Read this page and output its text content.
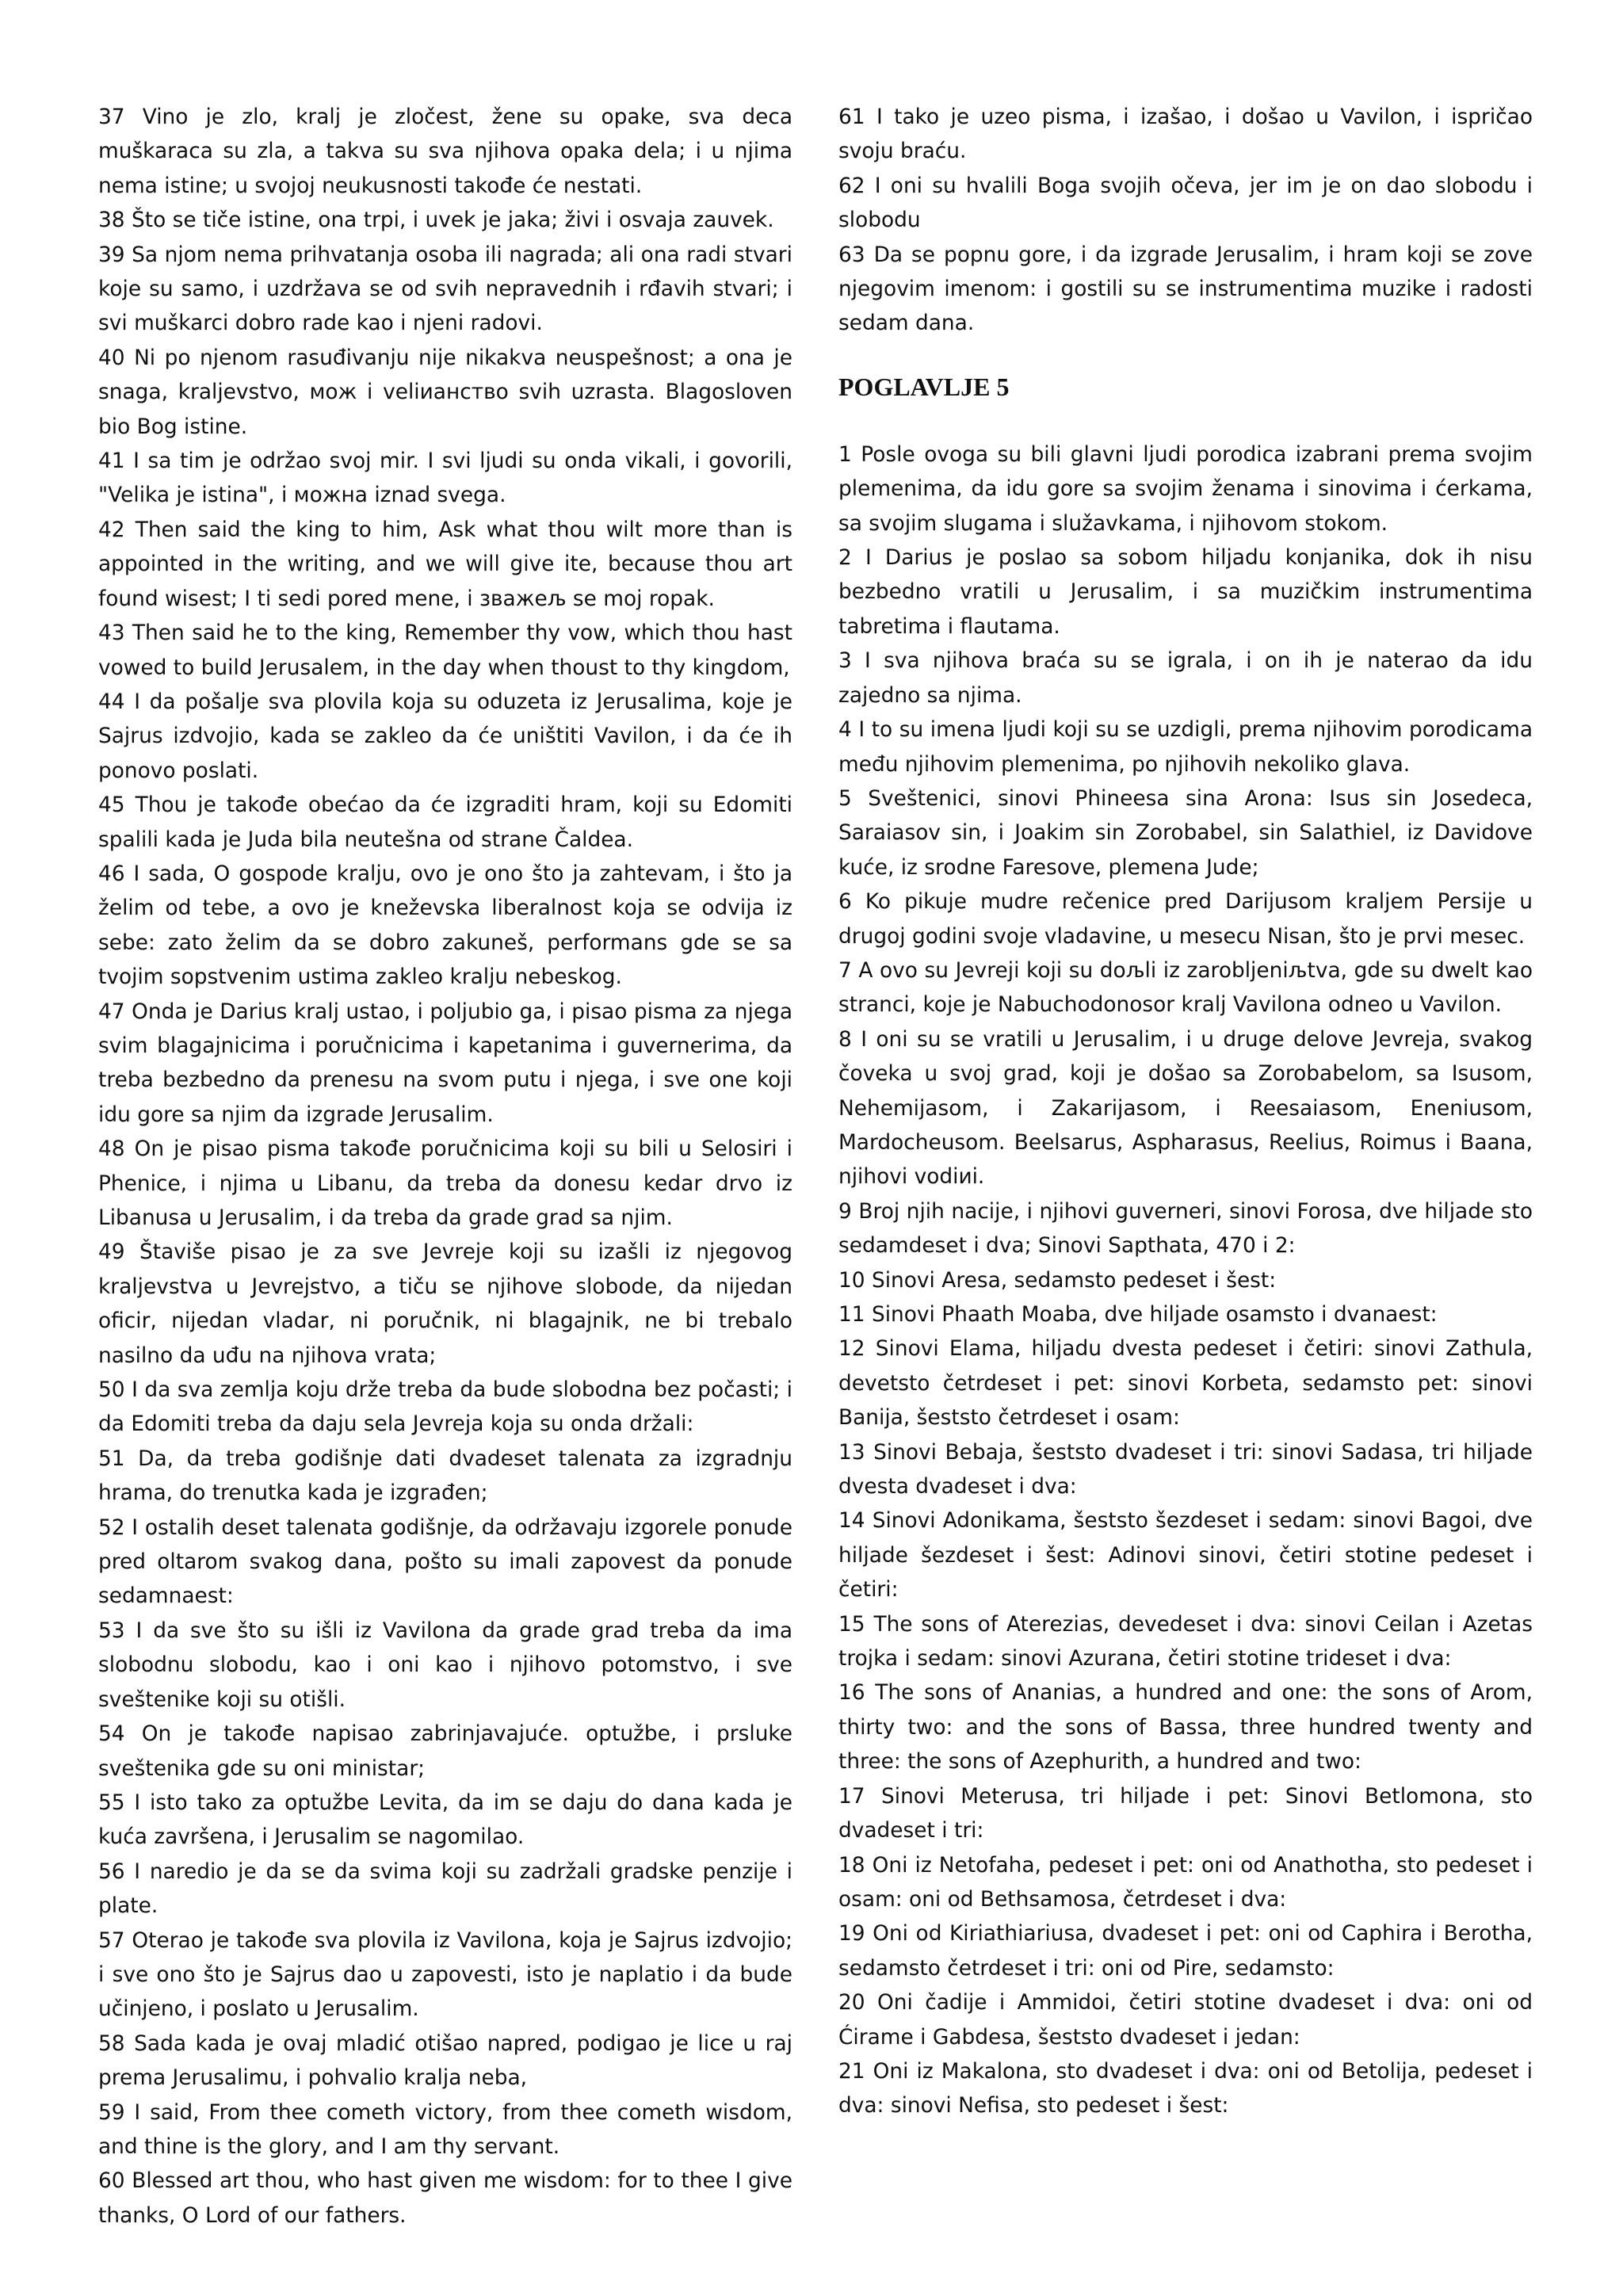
37 Vino je zlo, kralj je zločest, žene su opake, sva deca muškaraca su zla, a takva su sva njihova opaka dela; i u njima nema istine; u svojoj neukusnosti takođe će nestati.

38 Što se tiče istine, ona trpi, i uvek je jaka; živi i osvaja zauvek.

39 Sa njom nema prihvatanja osoba ili nagrada; ali ona radi stvari koje su samo, i uzdržava se od svih nepravednih i rđavih stvari; i svi muškarci dobro rade kao i njeni radovi.

40 Ni po njenom rasuđivanju nije nikakva neuspešnost; a ona je snaga, kraljevstvo, мож i veliианство svih uzrasta. Blagosloven bio Bog istine.

41 I sa tim je održao svoj mir. I svi ljudi su onda vikali, i govorili, "Velika je istina", i можна iznad svega.

42 Then said the king to him, Ask what thou wilt more than is appointed in the writing, and we will give ite, because thou art found wisest; I ti sedi pored mene, i зважељ se moj ropak.

43 Then said he to the king, Remember thy vow, which thou hast vowed to build Jerusalem, in the day when thoust to thy kingdom,

44 I da pošalje sva plovila koja su oduzeta iz Jerusalima, koje je Sajrus izdvojio, kada se zakleo da će uništiti Vavilon, i da će ih ponovo poslati.

45 Thou je takođe obećao da će izgraditi hram, koji su Edomiti spalili kada je Juda bila neutešna od strane Čaldea.

46 I sada, O gospode kralju, ovo je ono što ja zahtevam, i što ja želim od tebe, a ovo je kneževska liberalnost koja se odvija iz sebe: zato želim da se dobro zakuneš, performans gde se sa tvojim sopstvenim ustima zakleo kralju nebeskog.

47 Onda je Darius kralj ustao, i poljubio ga, i pisao pisma za njega svim blagajnicima i poručnicima i kapetanima i guvernerima, da treba bezbedno da prenesu na svom putu i njega, i sve one koji idu gore sa njim da izgrade Jerusalim.

48 On je pisao pisma takođe poručnicima koji su bili u Selosiri i Phenice, i njima u Libanu, da treba da donesu kedar drvo iz Libanusa u Jerusalim, i da treba da grade grad sa njim.

49 Štaviše pisao je za sve Jevreje koji su izašli iz njegovog kraljevstva u Jevrejstvo, a tiču se njihove slobode, da nijedan oficir, nijedan vladar, ni poručnik, ni blagajnik, ne bi trebalo nasilno da uđu na njihova vrata;

50 I da sva zemlja koju drže treba da bude slobodna bez počasti; i da Edomiti treba da daju sela Jevreja koja su onda držali:

51 Da, da treba godišnje dati dvadeset talenata za izgradnju hrama, do trenutka kada je izgrađen;

52 I ostalih deset talenata godišnje, da održavaju izgorele ponude pred oltarom svakog dana, pošto su imali zapovest da ponude sedamnaest:

53 I da sve što su išli iz Vavilona da grade grad treba da ima slobodnu slobodu, kao i oni kao i njihovo potomstvo, i sve sveštenike koji su otišli.

54 On je takođe napisao zabrinjavajuće. optužbe, i prsluke sveštenika gde su oni ministar;

55 I isto tako za optužbe Levita, da im se daju do dana kada je kuća završena, i Jerusalim se nagomilao.

56 I naredio je da se da svima koji su zadržali gradske penzije i plate.

57 Oterao je takođe sva plovila iz Vavilona, koja je Sajrus izdvojio; i sve ono što je Sajrus dao u zapovesti, isto je naplatio i da bude učinjeno, i poslato u Jerusalim.

58 Sada kada je ovaj mladić otišao napred, podigao je lice u raj prema Jerusalimu, i pohvalio kralja neba,

59 I said, From thee cometh victory, from thee cometh wisdom, and thine is the glory, and I am thy servant.

60 Blessed art thou, who hast given me wisdom: for to thee I give thanks, O Lord of our fathers.

61 I tako je uzeo pisma, i izašao, i došao u Vavilon, i ispričao svoju braću.

62 I oni su hvalili Boga svojih očeva, jer im je on dao slobodu i slobodu

63 Da se popnu gore, i da izgrade Jerusalim, i hram koji se zove njegovim imenom: i gostili su se instrumentima muzike i radosti sedam dana.

POGLAVLJE 5

1 Posle ovoga su bili glavni ljudi porodica izabrani prema svojim plemenima, da idu gore sa svojim ženama i sinovima i ćerkama, sa svojim slugama i služavkama, i njihovom stokom.

2 I Darius je poslao sa sobom hiljadu konjanika, dok ih nisu bezbedno vratili u Jerusalim, i sa muzičkim instrumentima tabretima i flautama.

3 I sva njihova braća su se igrala, i on ih je naterao da idu zajedno sa njima.

4 I to su imena ljudi koji su se uzdigli, prema njihovim porodicama među njihovim plemenima, po njihovih nekoliko glava.

5 Sveštenici, sinovi Phineesa sina Arona: Isus sin Josedeca, Saraiasov sin, i Joakim sin Zorobabel, sin Salathiel, iz Davidove kuće, iz srodne Faresove, plemena Jude;

6 Ko pikuje mudre rečenice pred Darijusom kraljem Persije u drugoj godini svoje vladavine, u mesecu Nisan, što je prvi mesec.

7 A ovo su Jevreji koji su doљli iz zarobljeniљtva, gde su dwelt kao stranci, koje je Nabuchodonosor kralj Vavilona odneo u Vavilon.

8 I oni su se vratili u Jerusalim, i u druge delove Jevreja, svakog čoveka u svoj grad, koji je došao sa Zorobabelom, sa Isusom, Nehemijasom, i Zakarijasom, i Reesaiasom, Eneniusom, Mardocheusom. Beelsarus, Aspharasus, Reelius, Roimus i Baana, njihovi vodiиi.

9 Broj njih nacije, i njihovi guverneri, sinovi Forosa, dve hiljade sto sedamdeset i dva; Sinovi Sapthata, 470 i 2:

10 Sinovi Aresa, sedamsto pedeset i šest:

11 Sinovi Phaath Moaba, dve hiljade osamsto i dvanaest:

12 Sinovi Elama, hiljadu dvesta pedeset i četiri: sinovi Zathula, devetsto četrdeset i pet: sinovi Korbeta, sedamsto pet: sinovi Banija, šeststo četrdeset i osam:

13 Sinovi Bebaja, šeststo dvadeset i tri: sinovi Sadasa, tri hiljade dvesta dvadeset i dva:

14 Sinovi Adonikama, šeststo šezdeset i sedam: sinovi Bagoi, dve hiljade šezdeset i šest: Adinovi sinovi, četiri stotine pedeset i četiri:

15 The sons of Aterezias, devedeset i dva: sinovi Ceilan i Azetas trojka i sedam: sinovi Azurana, četiri stotine trideset i dva:

16 The sons of Ananias, a hundred and one: the sons of Arom, thirty two: and the sons of Bassa, three hundred twenty and three: the sons of Azephurith, a hundred and two:

17 Sinovi Meterusa, tri hiljade i pet: Sinovi Betlomona, sto dvadeset i tri:

18 Oni iz Netofaha, pedeset i pet: oni od Anathotha, sto pedeset i osam: oni od Bethsamosa, četrdeset i dva:

19 Oni od Kiriathiariusa, dvadeset i pet: oni od Caphira i Berotha, sedamsto četrdeset i tri: oni od Pire, sedamsto:

20 Oni čadije i Ammidoi, četiri stotine dvadeset i dva: oni od Ćirame i Gabdesa, šeststo dvadeset i jedan:

21 Oni iz Makalona, sto dvadeset i dva: oni od Betolija, pedeset i dva: sinovi Nefisa, sto pedeset i šest:
